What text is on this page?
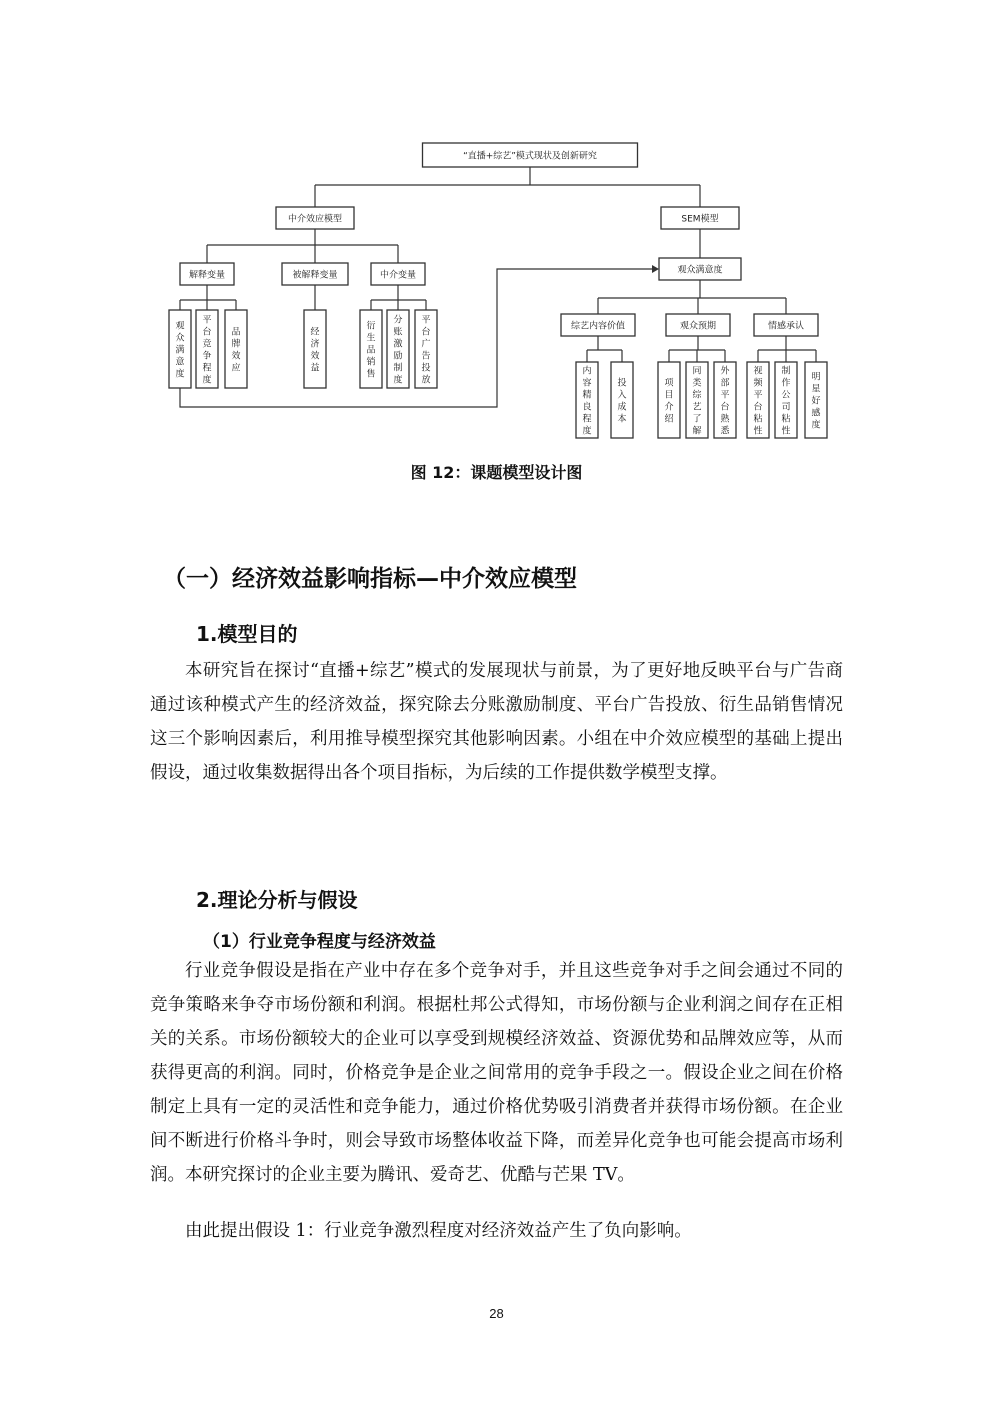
“直播+综艺”模式现状及创新研究
中介效应模型
解释变量
观
众
满
意
度
平
台
竞
争
程
度
品
牌
效
应
被解释变量
经
济
效
益
中介变量
衍
生
品
销
售
分
账
激
励
制
度
平
台
广
告
投
放
SEM模型
观众满意度
综艺内容价值
内
容
精
良
程
度
投
入
成
本
观众预期
项
目
介
绍
同
类
综
艺
了
解
外
部
平
台
熟
悉
情感承认
视
频
平
台
粘
性
制
作
公
司
粘
性
明
星
好
感
度
图 12：课题模型设计图
（一）经济效益影响指标—中介效应模型
1.模型目的

本研究旨在探讨“直播+综艺”模式的发展现状与前景，为了更好地反映平台与广告商通过该种模式产生的经济效益，探究除去分账激励制度、平台广告投放、衍生品销售情况这三个影响因素后，利用推导模型探究其他影响因素。小组在中介效应模型的基础上提出假设，通过收集数据得出各个项目指标，为后续的工作提供数学模型支撑。

2.理论分析与假设
（1）行业竞争程度与经济效益

行业竞争假设是指在产业中存在多个竞争对手，并且这些竞争对手之间会通过不同的竞争策略来争夺市场份额和利润。根据杜邦公式得知，市场份额与企业利润之间存在正相关的关系。市场份额较大的企业可以享受到规模经济效益、资源优势和品牌效应等，从而获得更高的利润。同时，价格竞争是企业之间常用的竞争手段之一。假设企业之间在价格制定上具有一定的灵活性和竞争能力，通过价格优势吸引消费者并获得市场份额。在企业间不断进行价格斗争时，则会导致市场整体收益下降，而差异化竞争也可能会提高市场利润。本研究探讨的企业主要为腾讯、爱奇艺、优酷与芒果 TV。

由此提出假设 1：行业竞争激烈程度对经济效益产生了负向影响。

28
